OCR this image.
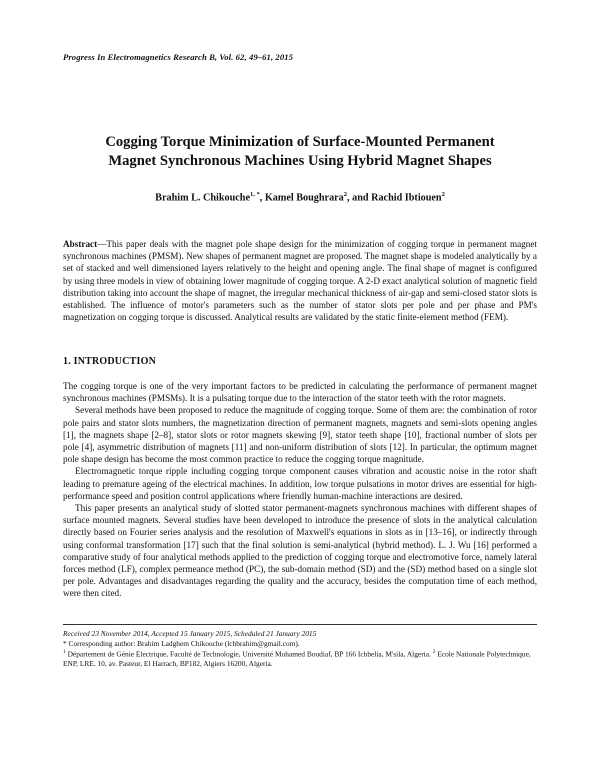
Progress In Electromagnetics Research B, Vol. 62, 49–61, 2015
Cogging Torque Minimization of Surface-Mounted Permanent
Magnet Synchronous Machines Using Hybrid Magnet Shapes
Brahim L. Chikouche$^{1, *}$, Kamel Boughrara$^2$, and Rachid Ibtiouen$^2$
Abstract—This paper deals with the magnet pole shape design for the minimization of cogging torque in permanent magnet synchronous machines (PMSM). New shapes of permanent magnet are proposed. The magnet shape is modeled analytically by a set of stacked and well dimensioned layers relatively to the height and opening angle. The final shape of magnet is configured by using three models in view of obtaining lower magnitude of cogging torque. A 2-D exact analytical solution of magnetic field distribution taking into account the shape of magnet, the irregular mechanical thickness of air-gap and semi-closed stator slots is established. The influence of motor's parameters such as the number of stator slots per pole and per phase and PM's magnetization on cogging torque is discussed. Analytical results are validated by the static finite-element method (FEM).
1. INTRODUCTION

The cogging torque is one of the very important factors to be predicted in calculating the performance of permanent magnet synchronous machines (PMSMs). It is a pulsating torque due to the interaction of the stator teeth with the rotor magnets.

Several methods have been proposed to reduce the magnitude of cogging torque. Some of them are: the combination of rotor pole pairs and stator slots numbers, the magnetization direction of permanent magnets, magnets and semi-slots opening angles [1], the magnets shape [2–8], stator slots or rotor magnets skewing [9], stator teeth shape [10], fractional number of slots per pole [4], asymmetric distribution of magnets [11] and non-uniform distribution of slots [12]. In particular, the optimum magnet pole shape design has become the most common practice to reduce the cogging torque magnitude.

Electromagnetic torque ripple including cogging torque component causes vibration and acoustic noise in the rotor shaft leading to premature ageing of the electrical machines. In addition, low torque pulsations in motor drives are essential for high-performance speed and position control applications where friendly human-machine interactions are desired.

This paper presents an analytical study of slotted stator permanent-magnets synchronous machines with different shapes of surface mounted magnets. Several studies have been developed to introduce the presence of slots in the analytical calculation directly based on Fourier series analysis and the resolution of Maxwell's equations in slots as in [13–16], or indirectly through using conformal transformation [17] such that the final solution is semi-analytical (hybrid method). L. J. Wu [16] performed a comparative study of four analytical methods applied to the prediction of cogging torque and electromotive force, namely lateral forces method (LF), complex permeance method (PC), the sub-domain method (SD) and the (SD) method based on a single slot per pole. Advantages and disadvantages regarding the quality and the accuracy, besides the computation time of each method, were then cited.

Received 23 November 2014, Accepted 15 January 2015, Scheduled 21 January 2015
* Corresponding author: Brahim Ladghem Chikouche (lchbrahim@gmail.com).
$^1$ Département de Génie Electrique, Faculté de Technologie, Université Mohamed Boudiaf, BP 166 Ichbelia, M'sila, Algeria. $^2$ Ecole Nationale Polytechnique, ENP, LRE. 10, av. Pasteur, El Harrach, BP182, Algiers 16200, Algeria.
